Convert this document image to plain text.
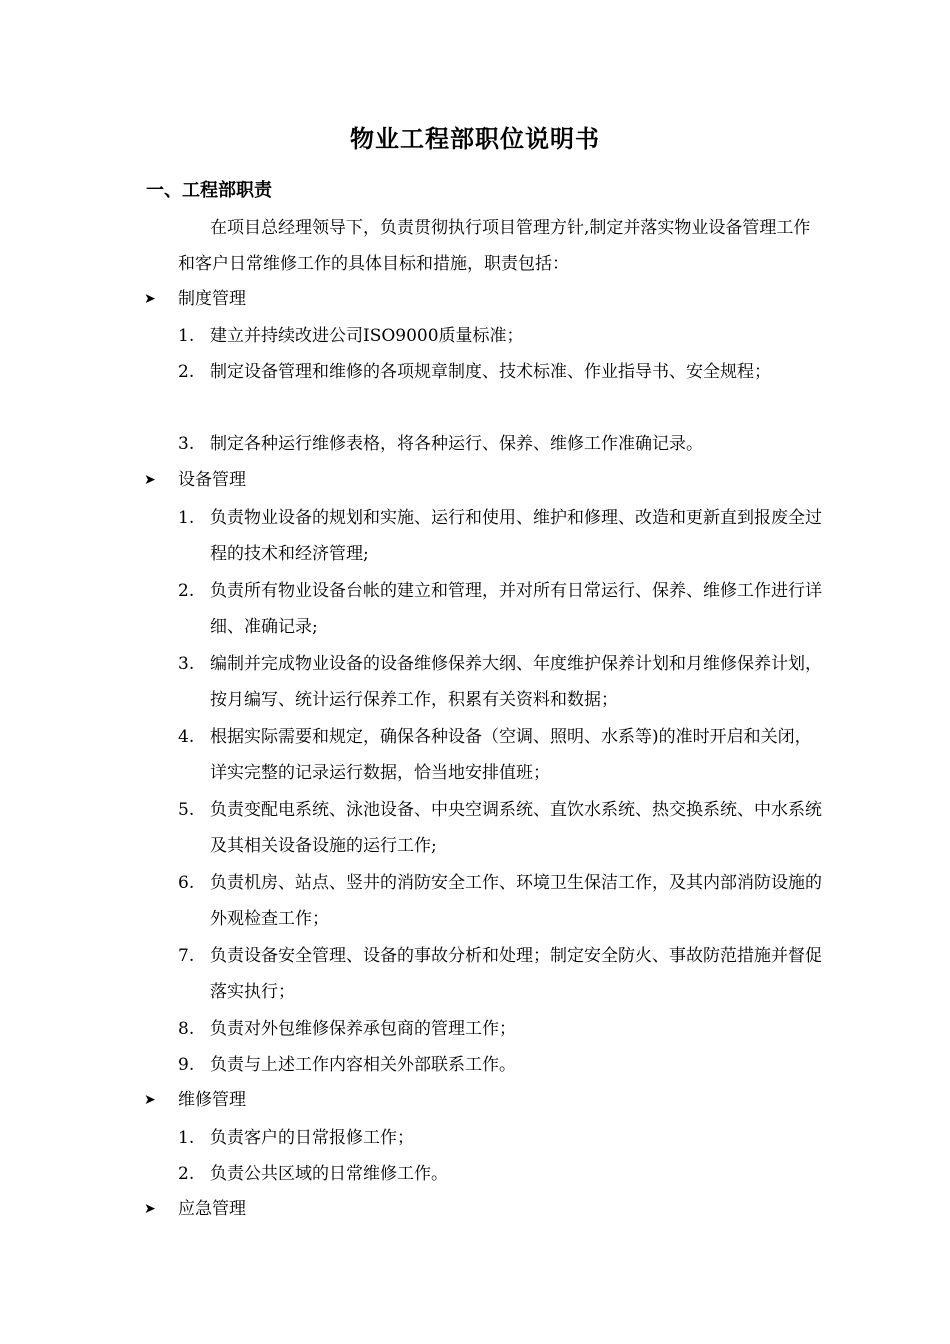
物业工程部职位说明书
一、工程部职责
在项目总经理领导下，负责贯彻执行项目管理方针,制定并落实物业设备管理工作和客户日常维修工作的具体目标和措施，职责包括：
➤	制度管理
1. 建立并持续改进公司ISO9000质量标准；
2. 制定设备管理和维修的各项规章制度、技术标准、作业指导书、安全规程；
3. 制定各种运行维修表格，将各种运行、保养、维修工作准确记录。
➤	设备管理
1. 负责物业设备的规划和实施、运行和使用、维护和修理、改造和更新直到报废全过程的技术和经济管理;
2. 负责所有物业设备台帐的建立和管理，并对所有日常运行、保养、维修工作进行详细、准确记录;
3. 编制并完成物业设备的设备维修保养大纲、年度维护保养计划和月维修保养计划，按月编写、统计运行保养工作，积累有关资料和数据；
4. 根据实际需要和规定，确保各种设备（空调、照明、水系等)的准时开启和关闭，详实完整的记录运行数据，恰当地安排值班；
5. 负责变配电系统、泳池设备、中央空调系统、直饮水系统、热交换系统、中水系统及其相关设备设施的运行工作;
6. 负责机房、站点、竖井的消防安全工作、环境卫生保洁工作，及其内部消防设施的外观检查工作；
7. 负责设备安全管理、设备的事故分析和处理；制定安全防火、事故防范措施并督促落实执行；
8. 负责对外包维修保养承包商的管理工作；
9. 负责与上述工作内容相关外部联系工作。
➤	维修管理
1. 负责客户的日常报修工作；
2. 负责公共区域的日常维修工作。
➤	应急管理
